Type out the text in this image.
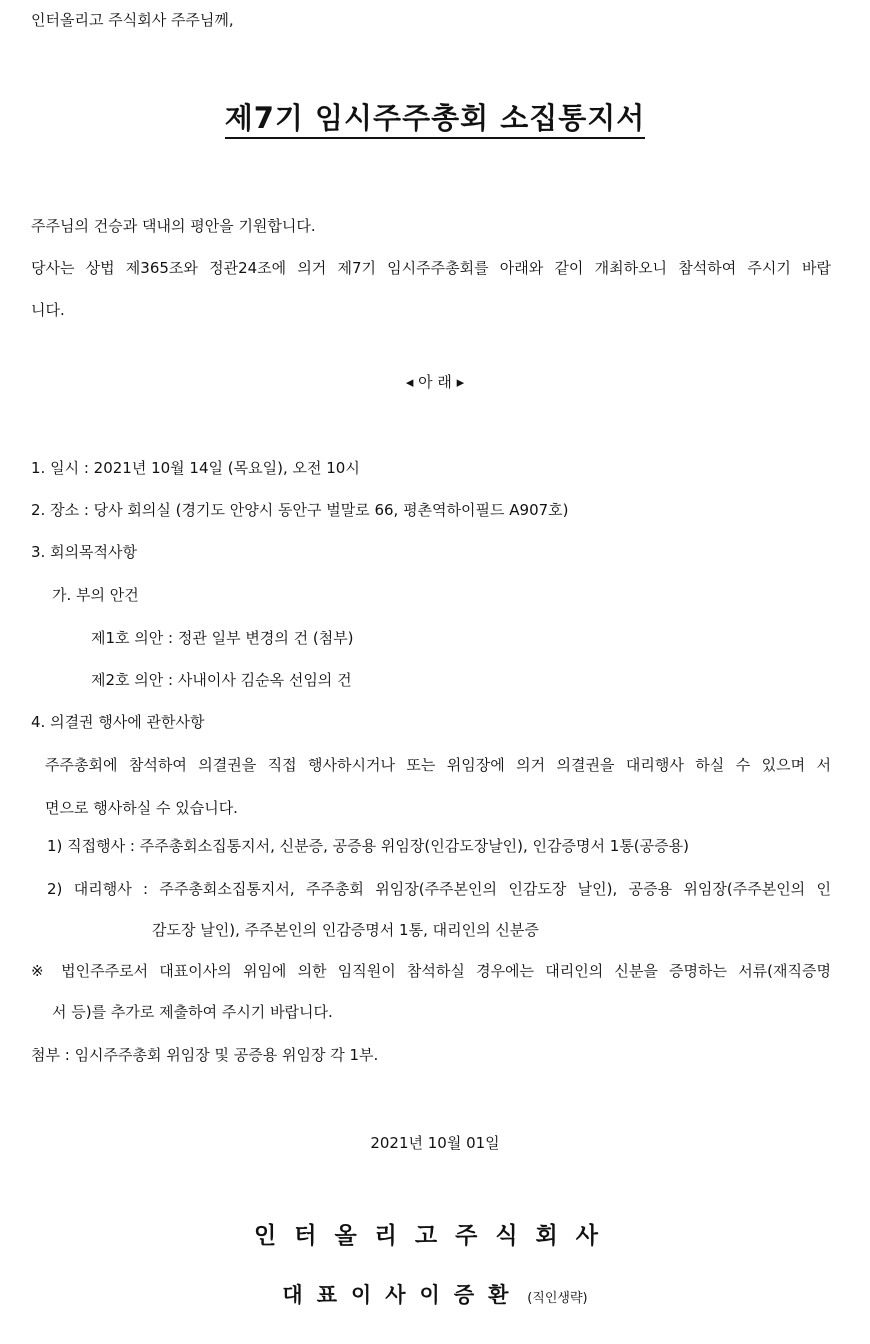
인터올리고 주식회사 주주님께,
제7기 임시주주총회 소집통지서
주주님의 건승과 댁내의 평안을 기원합니다.
당사는 상법 제365조와 정관24조에 의거 제7기 임시주주총회를 아래와 같이 개최하오니 참석하여 주시기 바랍
니다.
◂ 아 래 ▸
1. 일시 : 2021년 10월 14일 (목요일), 오전 10시
2. 장소 : 당사 회의실 (경기도 안양시 동안구 벌말로 66, 평촌역하이필드 A907호)
3. 회의목적사항
가. 부의 안건
제1호 의안 : 정관 일부 변경의 건 (첨부)
제2호 의안 : 사내이사 김순옥 선임의 건
4. 의결권 행사에 관한사항
주주총회에 참석하여 의결권을 직접 행사하시거나 또는 위임장에 의거 의결권을 대리행사 하실 수 있으며 서
면으로 행사하실 수 있습니다.
1) 직접행사 : 주주총회소집통지서, 신분증, 공증용 위임장(인감도장날인), 인감증명서 1통(공증용)
2) 대리행사 : 주주총회소집통지서, 주주총회 위임장(주주본인의 인감도장 날인), 공증용 위임장(주주본인의 인
감도장 날인), 주주본인의 인감증명서 1통, 대리인의 신분증
※ 법인주주로서 대표이사의 위임에 의한 임직원이 참석하실 경우에는 대리인의 신분을 증명하는 서류(재직증명
서 등)를 추가로 제출하여 주시기 바랍니다.
첨부 : 임시주주총회 위임장 및 공증용 위임장 각 1부.
2021년 10월 01일
인터올리고주식회사
대표이사이증환 (직인생략)
